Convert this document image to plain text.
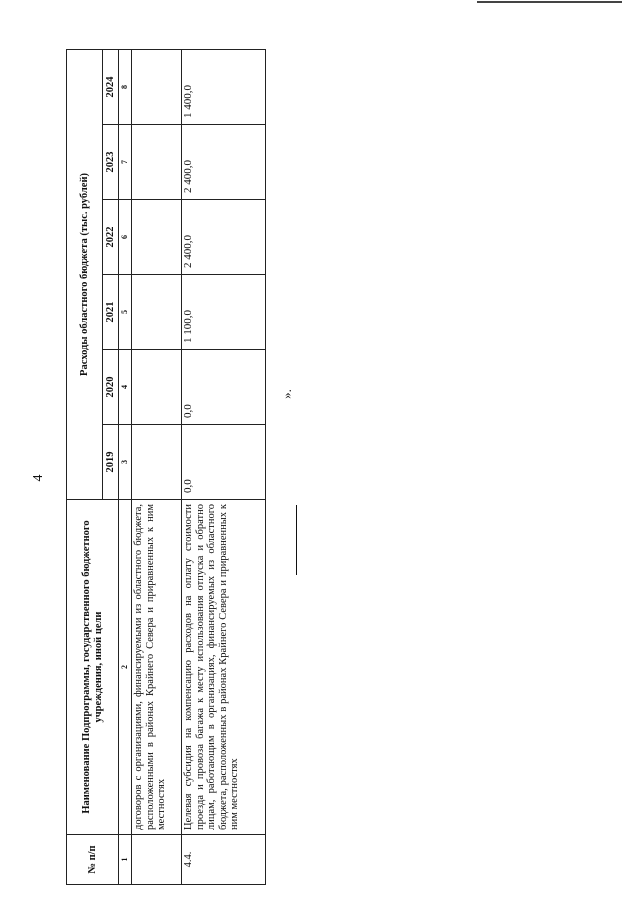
4
№ п/п	Наименование Подпрограммы, государственного бюджетного учреждения, иной цели	Расходы областного бюджета (тыс. рублей)					
		2019	2020	2021	2022	2023	2024
1	2	3	4	5	6	7	8
	договоров с организациями, финансируемыми из областного бюджета, расположенными в районах Крайнего Севера и приравненных к ним местностях						
4.4.	Целевая субсидия на компенсацию расходов на оплату стоимости проезда и провоза багажа к месту использования отпуска и обратно лицам, работающим в организациях, финансируемых из областного бюджета, расположенных в районах Крайнего Севера и приравненных к ним местностях	0,0	0,0	1 100,0	2 400,0	2 400,0	1 400,0
».
